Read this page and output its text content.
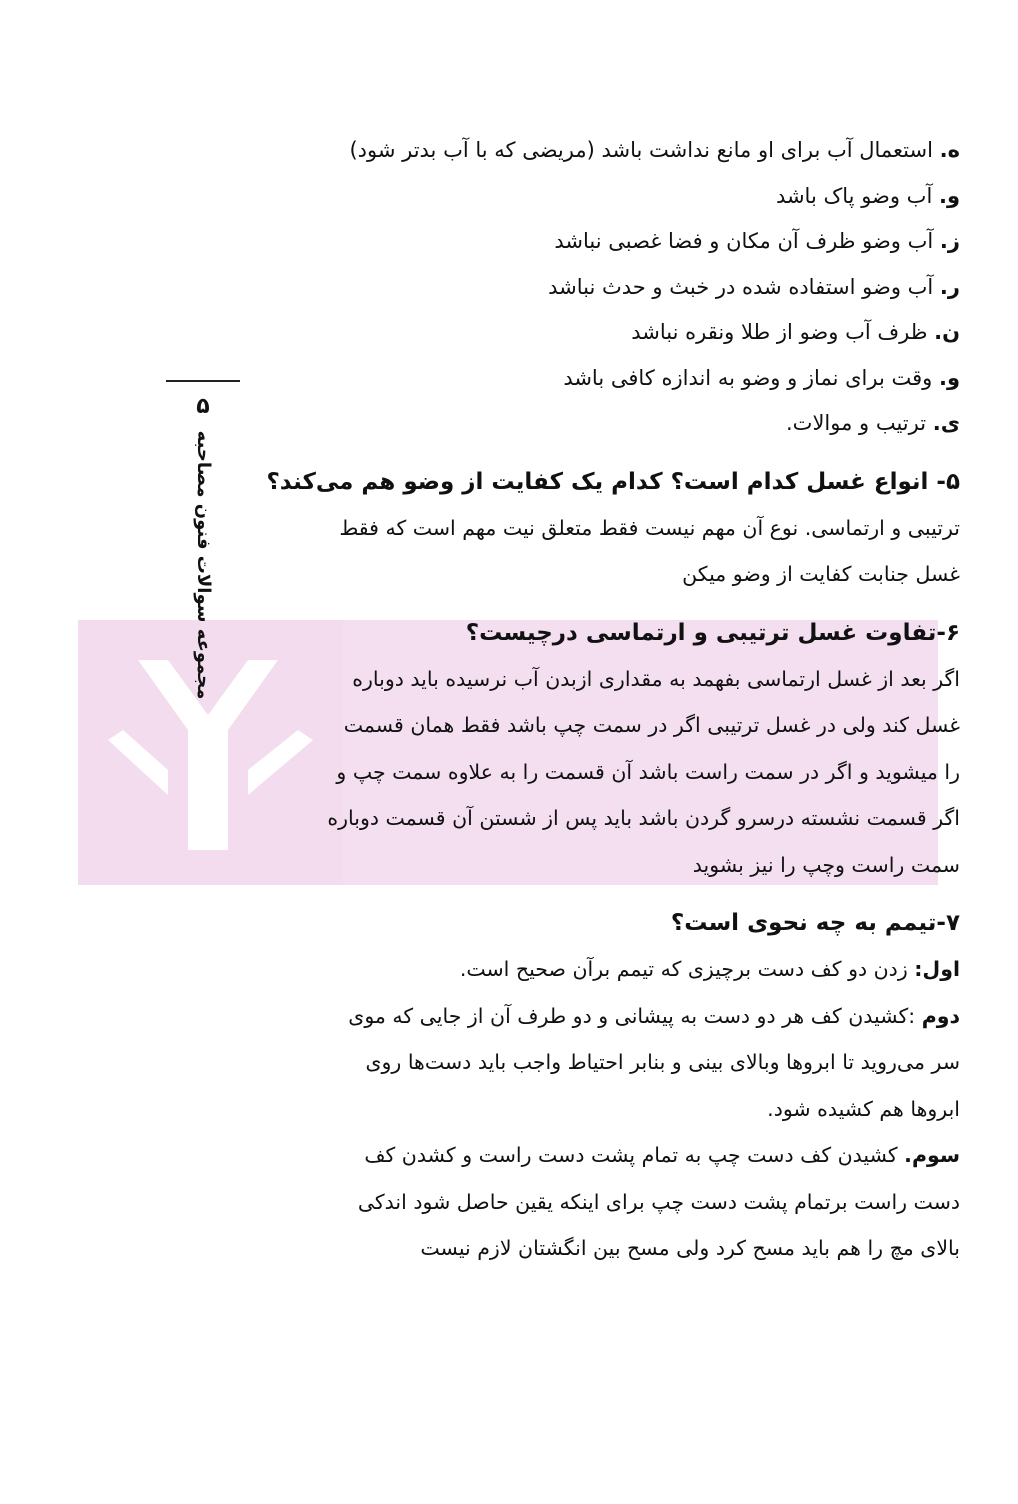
۵
مجموعه سوالات فنون مصاحبه
ه. استعمال آب برای او مانع نداشت باشد (مریضی که با آب بدتر شود)
و. آب وضو پاک باشد
ز. آب وضو ظرف آن مکان و فضا غصبی نباشد
ر. آب وضو استفاده شده در خبث و حدث نباشد
ن. ظرف آب وضو از طلا ونقره نباشد
و. وقت برای نماز و وضو به اندازه کافی باشد
ی. ترتیب و موالات.
۵- انواع غسل کدام است؟ کدام یک کفایت از وضو هم می‌کند؟

ترتیبی و ارتماسی. نوع آن مهم نیست فقط متعلق نیت مهم است که فقط

غسل جنابت کفایت از وضو میکن

۶-تفاوت غسل ترتیبی و ارتماسی درچیست؟

اگر بعد از غسل ارتماسی بفهمد به مقداری ازبدن آب نرسیده باید دوباره

غسل کند ولی در غسل ترتیبی اگر در سمت چپ باشد فقط همان قسمت

را میشوید و اگر در سمت راست باشد آن قسمت را به علاوه سمت چپ و

اگر قسمت نشسته درسرو گردن باشد باید پس از شستن آن قسمت دوباره

سمت راست وچپ را نیز بشوید

۷-تیمم به چه نحوی است؟

اول: زدن دو کف دست برچیزی که تیمم برآن صحیح است.

دوم :کشیدن کف هر دو دست به پیشانی و دو طرف آن از جایی که موی

سر می‌روید تا ابروها وبالای بینی و بنابر احتیاط واجب باید دست‌ها روی

ابروها هم کشیده شود.

سوم. کشیدن کف دست چپ به تمام پشت دست راست و کشدن کف

دست راست برتمام پشت دست چپ برای اینکه یقین حاصل شود اندکی

بالای مچ را هم باید مسح کرد ولی مسح بین انگشتان لازم نیست
